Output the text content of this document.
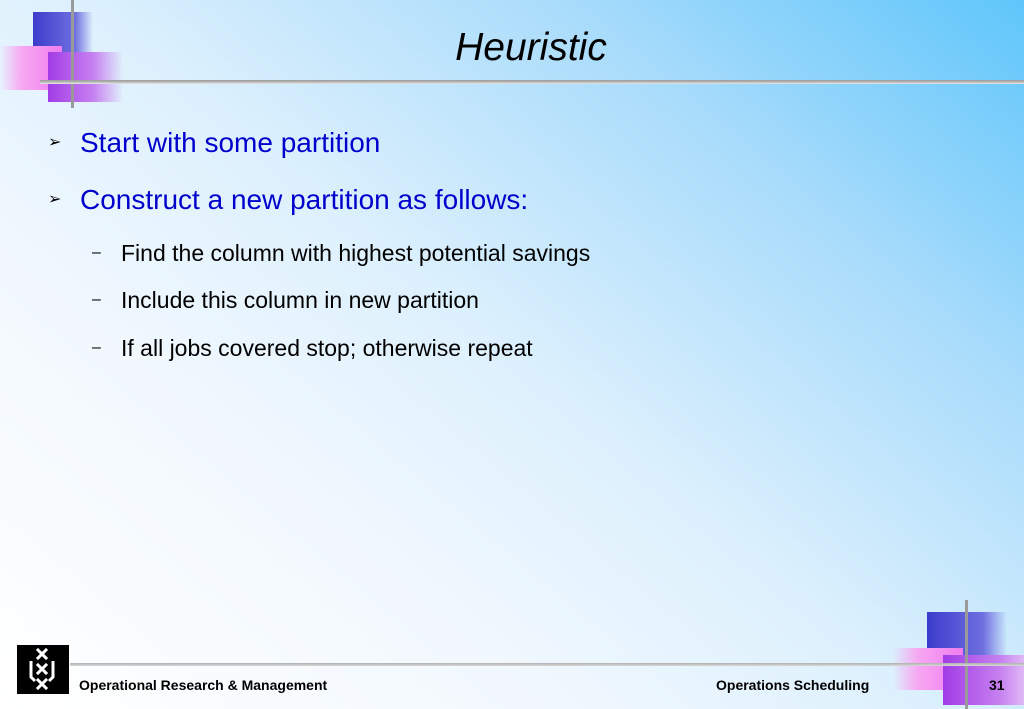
Heuristic
➢ Start with some partition
➢ Construct a new partition as follows:
– Find the column with highest potential savings
– Include this column in new partition
– If all jobs covered stop; otherwise repeat
Operational Research & Management	Operations Scheduling	31
